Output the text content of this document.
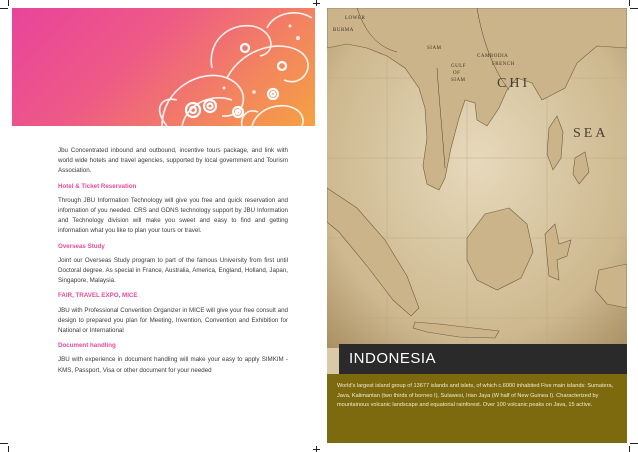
Jbu Concentrated inbound and outbound, incentive tours package, and link with world wide hotels and travel agencies, supported by local government and Tourism Association.

Hotel & Ticket Reservation

Through JBU Information Technology will give you free and quick reservation and information of you needed. CRS and GDNS technology support by JBU Information and Technology division will make you sweet and easy to find and getting information what you like to plan your tours or travel.

Overseas Study

Joint our Overseas Study program to part of the famous University from first until Doctoral degree. As special in France, Australia, America, England, Holland, Japan, Singapore, Malaysia.

FAIR, TRAVEL EXPO, MICE

JBU with Professional Convention Organizer in MICE will give your free consult and design to prepared you plan for Meeting, Invention, Convention and Exhibition for National or International

Document handling

JBU with experience in document handling will make your easy to apply SIMKIM - KMS, Passport, Visa or other document for your needed

LOWER
BURMA
CHI
SEA
SIAM
FRENCH
CAMBODIA
GULF
OF
SIAM
INDONESIA

World's largest island group of 13677 islands and islets, of which c.6000 inhabited Five main islands: Sumatera, Java, Kalimantan (two thirds of borneo I), Sulawesi, Irian Jaya (W half of New Guinea I). Characterized by mountainous volcanic landscape and equatorial rainforest. Over 100 volcanic peaks on Java, 15 active.
